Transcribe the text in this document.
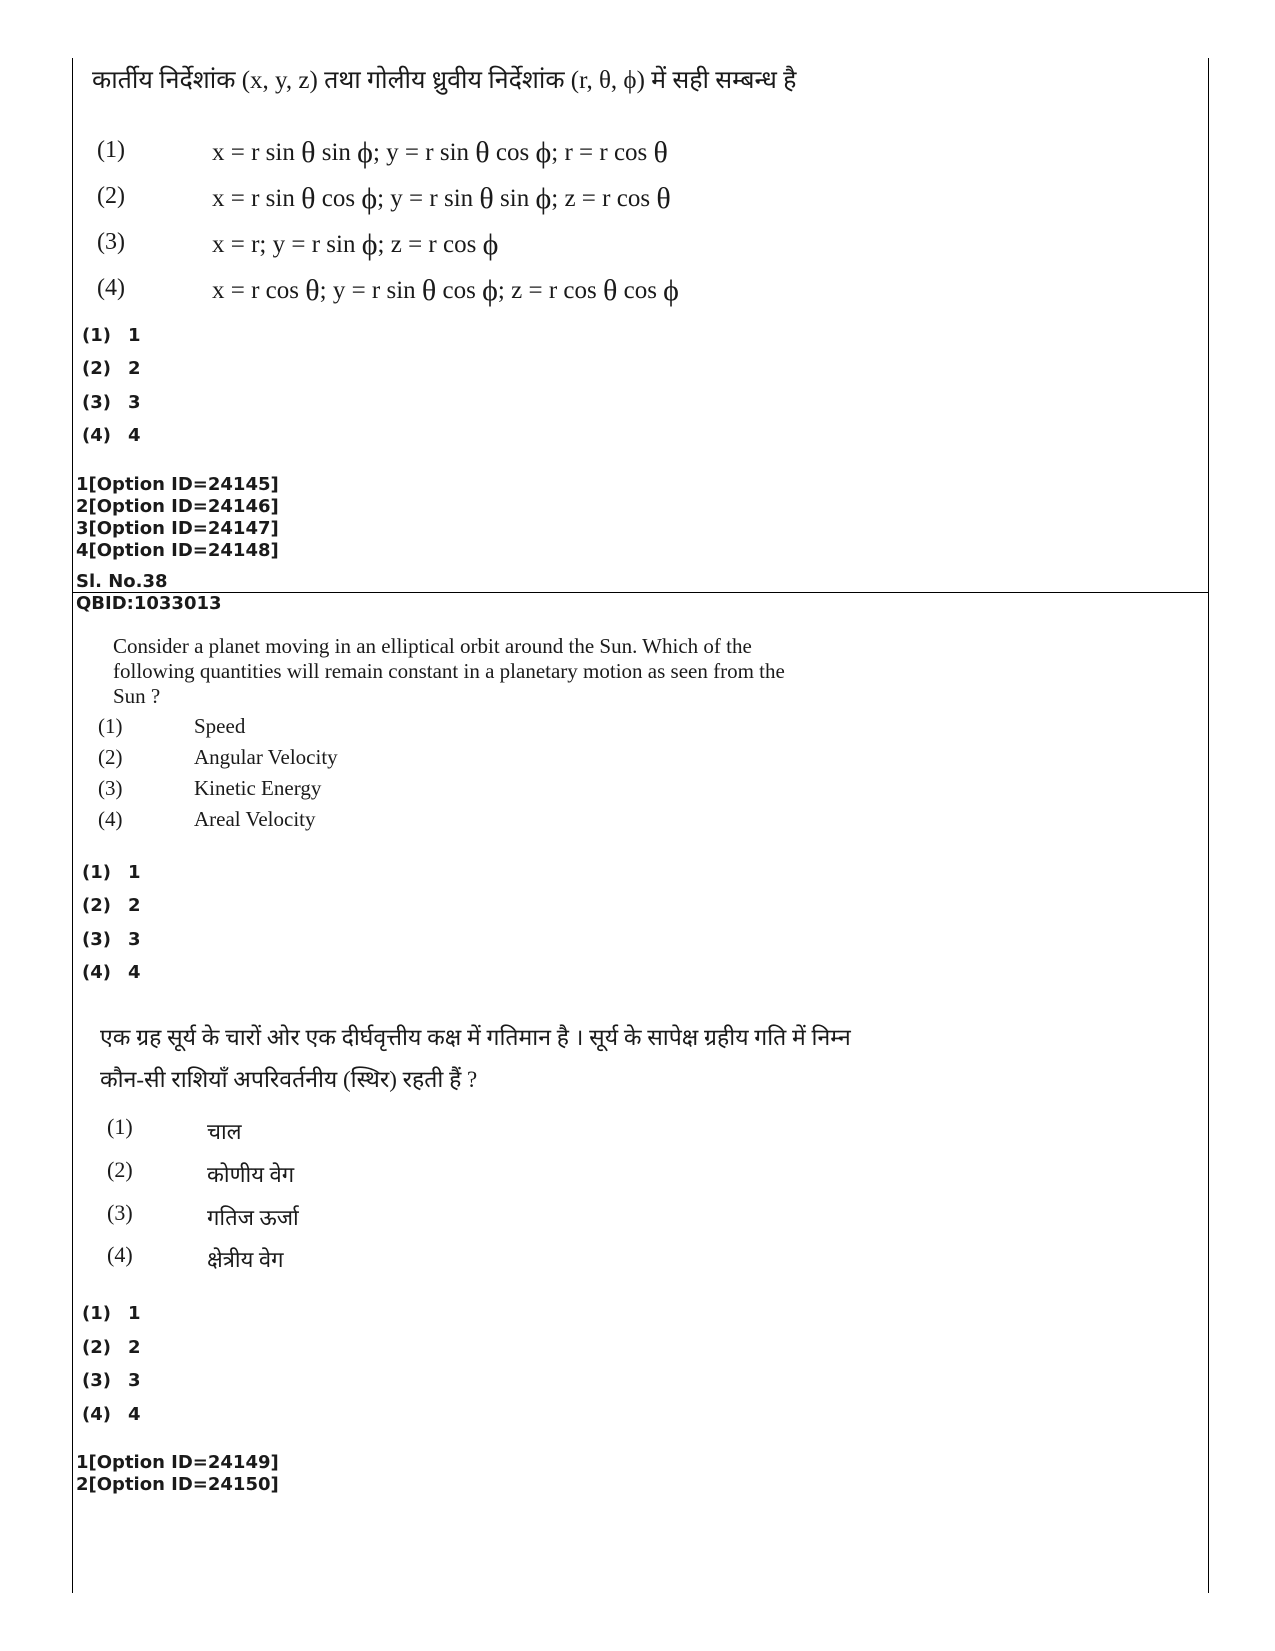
कार्तीय निर्देशांक (x, y, z) तथा गोलीय ध्रुवीय निर्देशांक (r, θ, ϕ) में सही सम्बन्ध है
(1)	x = r sin θ sin ϕ; y = r sin θ cos ϕ; r = r cos θ
(2)	x = r sin θ cos ϕ; y = r sin θ sin ϕ; z = r cos θ
(3)	x = r; y = r sin ϕ; z = r cos ϕ
(4)	x = r cos θ; y = r sin θ cos ϕ; z = r cos θ cos ϕ
(1) 1
(2) 2
(3) 3
(4) 4
1[Option ID=24145]
2[Option ID=24146]
3[Option ID=24147]
4[Option ID=24148]
Sl. No.38
QBID:1033013
Consider a planet moving in an elliptical orbit around the Sun. Which of the
following quantities will remain constant in a planetary motion as seen from the
Sun ?
(1)	Speed
(2)	Angular Velocity
(3)	Kinetic Energy
(4)	Areal Velocity
(1) 1
(2) 2
(3) 3
(4) 4
एक ग्रह सूर्य के चारों ओर एक दीर्घवृत्तीय कक्ष में गतिमान है । सूर्य के सापेक्ष ग्रहीय गति में निम्न
कौन-सी राशियाँ अपरिवर्तनीय (स्थिर) रहती हैं ?
(1)	चाल
(2)	कोणीय वेग
(3)	गतिज ऊर्जा
(4)	क्षेत्रीय वेग
(1) 1
(2) 2
(3) 3
(4) 4
1[Option ID=24149]
2[Option ID=24150]
